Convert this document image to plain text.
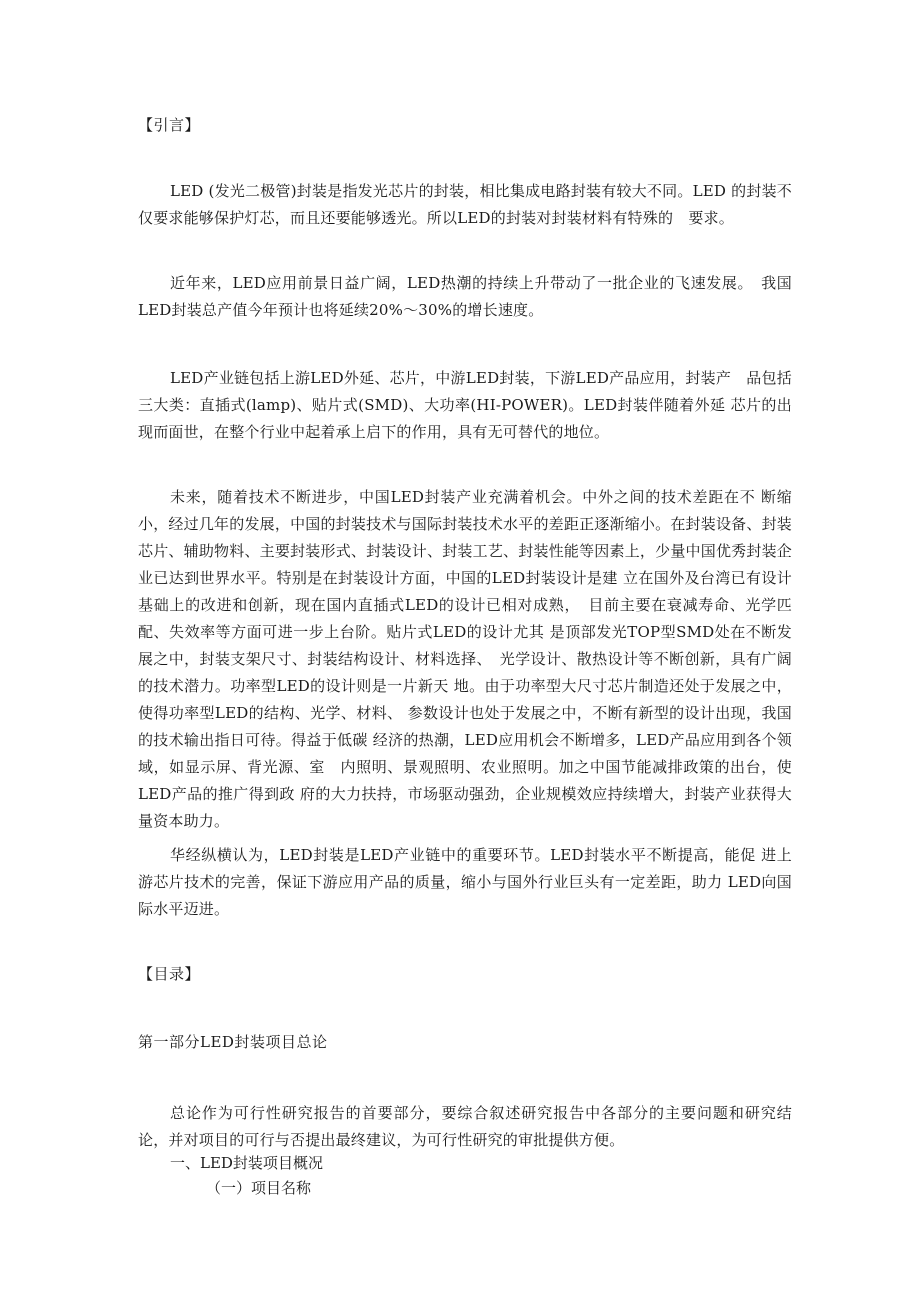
【引言】
LED (发光二极管)封装是指发光芯片的封装，相比集成电路封装有较大不同。LED 的封装不仅要求能够保护灯芯，而且还要能够透光。所以LED的封装对封装材料有特殊的　要求。
近年来，LED应用前景日益广阔，LED热潮的持续上升带动了一批企业的飞速发展。　我国LED封装总产值今年预计也将延续20%～30%的增长速度。
LED产业链包括上游LED外延、芯片，中游LED封装，下游LED产品应用，封装产　品包括三大类：直插式(lamp)、贴片式(SMD)、大功率(HI-POWER)。LED封装伴随着外延 芯片的出现而面世，在整个行业中起着承上启下的作用，具有无可替代的地位。
未来，随着技术不断进步，中国LED封装产业充满着机会。中外之间的技术差距在不 断缩小，经过几年的发展，中国的封装技术与国际封装技术水平的差距正逐渐缩小。在封装设备、封装芯片、辅助物料、主要封装形式、封装设计、封装工艺、封装性能等因素上，少量中国优秀封装企业已达到世界水平。特别是在封装设计方面，中国的LED封装设计是建 立在国外及台湾已有设计基础上的改进和创新，现在国内直插式LED的设计已相对成熟，　目前主要在衰减寿命、光学匹配、失效率等方面可进一步上台阶。贴片式LED的设计尤其 是顶部发光TOP型SMD处在不断发展之中，封装支架尺寸、封装结构设计、材料选择、　光学设计、散热设计等不断创新，具有广阔的技术潜力。功率型LED的设计则是一片新天 地。由于功率型大尺寸芯片制造还处于发展之中，使得功率型LED的结构、光学、材料、 参数设计也处于发展之中，不断有新型的设计出现，我国的技术输出指日可待。得益于低碳 经济的热潮，LED应用机会不断增多，LED产品应用到各个领域，如显示屏、背光源、室　内照明、景观照明、农业照明。加之中国节能减排政策的出台，使LED产品的推广得到政 府的大力扶持，市场驱动强劲，企业规模效应持续增大，封装产业获得大量资本助力。
华经纵横认为，LED封装是LED产业链中的重要环节。LED封装水平不断提高，能促 进上游芯片技术的完善，保证下游应用产品的质量，缩小与国外行业巨头有一定差距，助力 LED向国际水平迈进。
【目录】
第一部分LED封装项目总论
总论作为可行性研究报告的首要部分，要综合叙述研究报告中各部分的主要问题和研究结论，并对项目的可行与否提出最终建议，为可行性研究的审批提供方便。
一、LED封装项目概况
（一）项目名称
